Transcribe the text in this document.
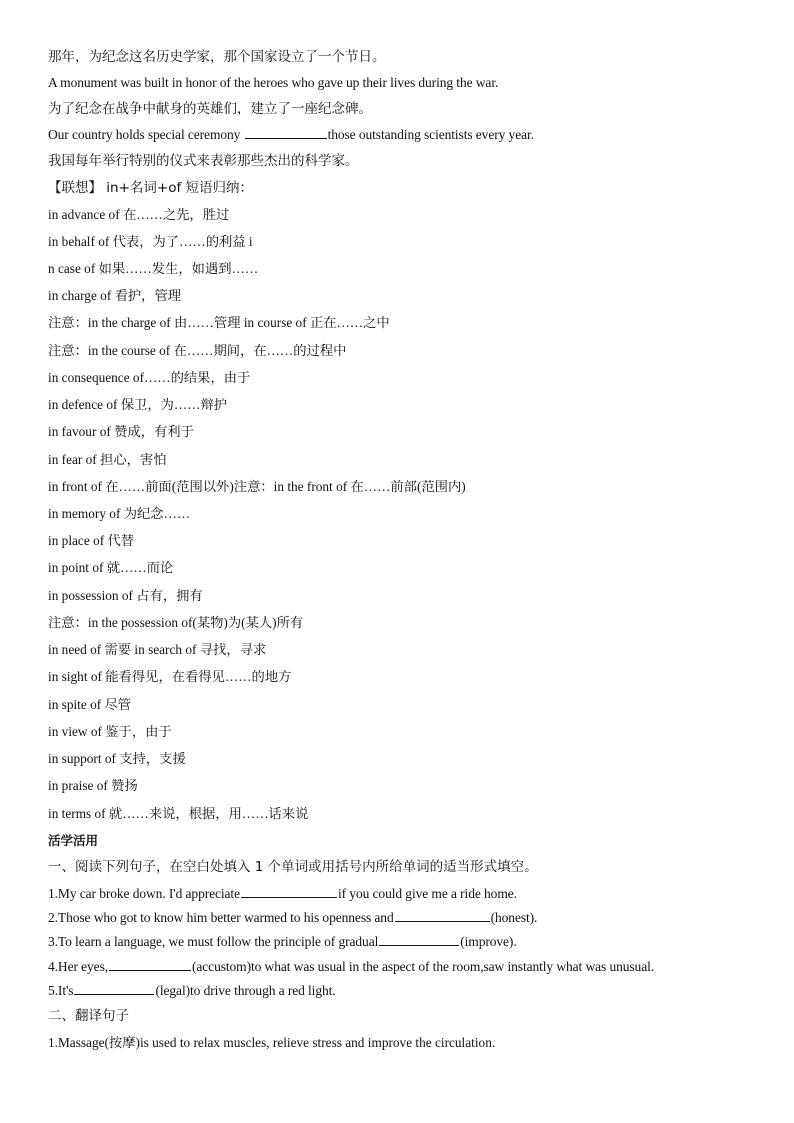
那年，为纪念这名历史学家，那个国家设立了一个节日。
A monument was built in honor of the heroes who gave up their lives during the war.
为了纪念在战争中献身的英雄们，建立了一座纪念碑。
Our country holds special ceremony	those outstanding scientists every year.
我国每年举行特别的仪式来表彰那些杰出的科学家。
【联想】 in+名词+of 短语归纳：
in advance of 在……之先，胜过
in behalf of 代表，为了……的利益 i
n case of 如果……发生，如遇到……
in charge of 看护，管理
注意：in the charge of 由……管理 in course of 正在……之中
注意：in the course of 在……期间，在……的过程中
in consequence of……的结果，由于
in defence of 保卫，为……辩护
in favour of 赞成，有利于
in fear of 担心，害怕
in front of 在……前面(范围以外)注意：in the front of 在……前部(范围内)
in memory of 为纪念……
in place of 代替
in point of 就……而论
in possession of 占有，拥有
注意：in the possession of(某物)为(某人)所有
in need of 需要 in search of 寻找，寻求
in sight of 能看得见，在看得见……的地方
in spite of 尽管
in view of 鉴于，由于
in support of 支持，支援
in praise of 赞扬
in terms of 就……来说，根据，用……话来说
活学活用
一、阅读下列句子，在空白处填入 1 个单词或用括号内所给单词的适当形式填空。
1.My car broke down. I'd appreciate	if you could give me a ride home.
2.Those who got to know him better warmed to his openness and	(honest).
3.To learn a language, we must follow the principle of gradual	(improve).
4.Her eyes,	(accustom)to what was usual in the aspect of the room,saw instantly what was unusual.
5.It's	(legal)to drive through a red light.
二、翻译句子
1.Massage(按摩)is used to relax muscles, relieve stress and improve the circulation.
